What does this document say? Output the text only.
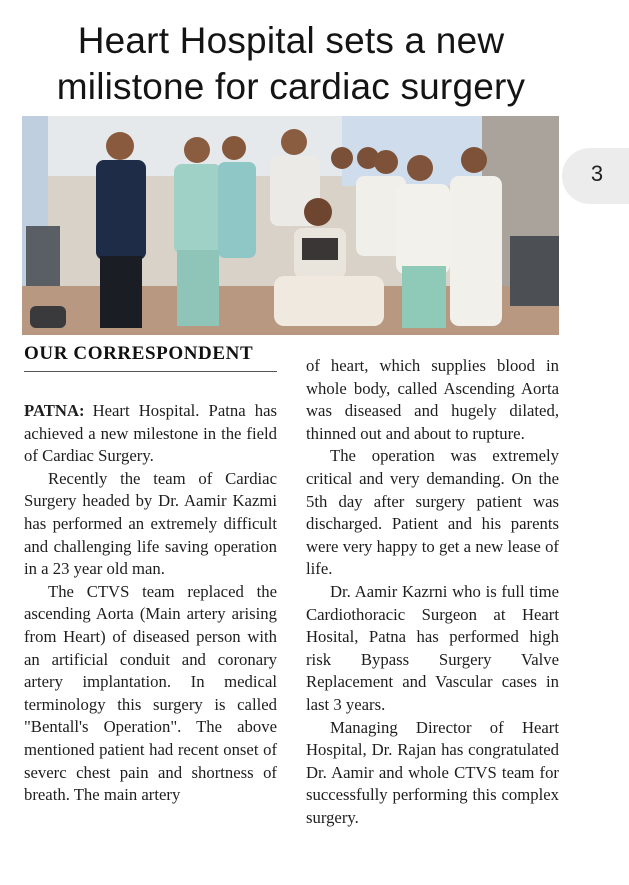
Heart Hospital sets a new
milistone for cardiac surgery
3
OUR CORRESPONDENT

PATNA: Heart Hospital. Patna has achieved a new milestone in the field of Cardiac Surgery.

Recently the team of Cardiac Surgery headed by Dr. Aamir Kazmi has performed an extremely difficult and challenging life saving operation in a 23 year old man.

The CTVS team replaced the ascending Aorta (Main artery arising from Heart) of diseased person with an artificial conduit and coronary artery implantation. In medical terminology this surgery is called "Bentall's Operation". The above mentioned patient had recent onset of severc chest pain and shortness of breath. The main artery

of heart, which supplies blood in whole body, called Ascending Aorta was diseased and hugely dilated, thinned out and about to rupture.

The operation was extremely critical and very demanding. On the 5th day after surgery patient was discharged. Patient and his parents were very happy to get a new lease of life.

Dr. Aamir Kazrni who is full time Cardiothoracic Surgeon at Heart Hosital, Patna has performed high risk Bypass Surgery Valve Replacement and Vascular cases in last 3 years.

Managing Director of Heart Hospital, Dr. Rajan has congratulated Dr. Aamir and whole CTVS team for successfully performing this complex surgery.
